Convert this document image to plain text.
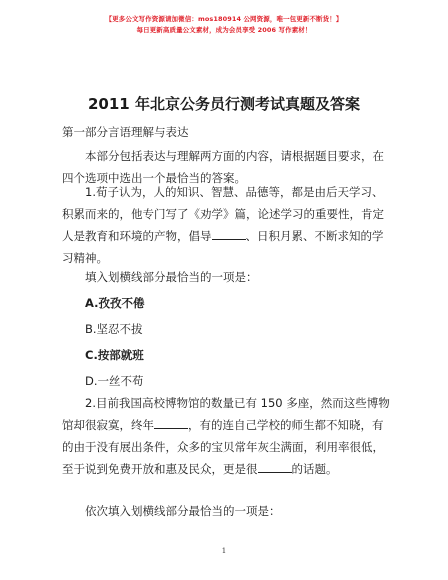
【更多公文写作资源请加微信：mos180914 公网资源，唯一包更新不断货！】
每日更新高质量公文素材，成为会员享受 2006 写作素材！
2011 年北京公务员行测考试真题及答案
第一部分言语理解与表达
本部分包括表达与理解两方面的内容，请根据题目要求，在四个选项中选出一个最恰当的答案。
1.荀子认为，人的知识、智慧、品德等，都是由后天学习、积累而来的，他专门写了《劝学》篇，论述学习的重要性，肯定人是教育和环境的产物，倡导	、日积月累、不断求知的学习精神。
填入划横线部分最恰当的一项是：
A.孜孜不倦
B.坚忍不拔
C.按部就班
D.一丝不苟
2.目前我国高校博物馆的数量已有 150 多座，然而这些博物馆却很寂寞，终年	，有的连自己学校的师生都不知晓，有的由于没有展出条件，众多的宝贝常年灰尘满面，利用率很低，至于说到免费开放和惠及民众，更是很	的话题。
依次填入划横线部分最恰当的一项是：
1
